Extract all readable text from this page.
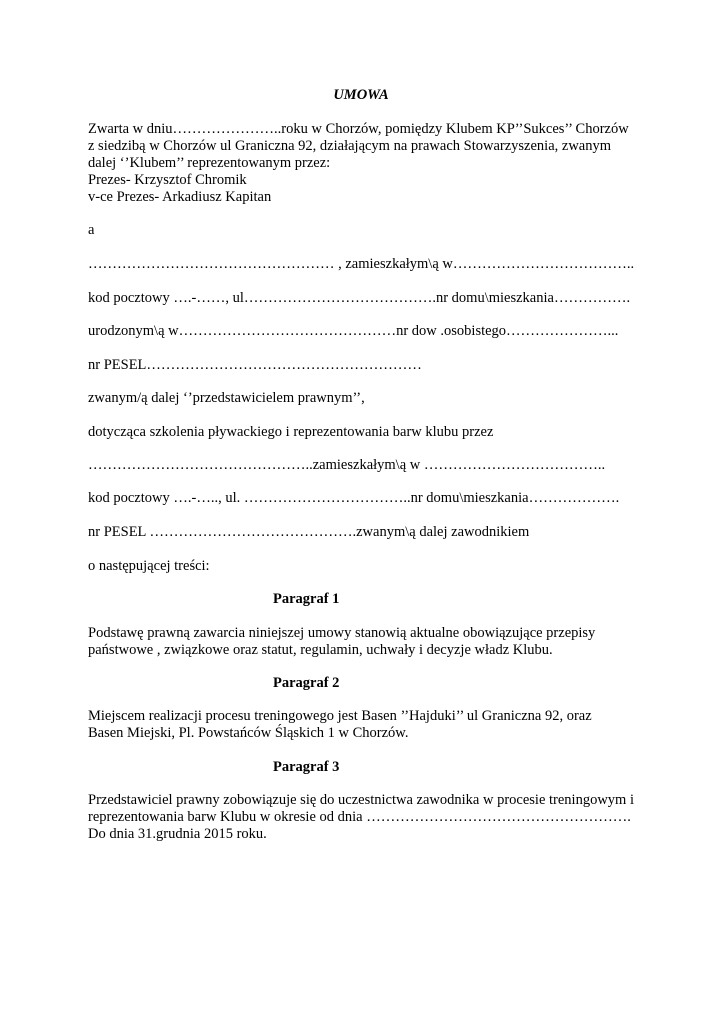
UMOWA
Zwarta w dniu…………………..roku w Chorzów, pomiędzy Klubem KP’’Sukces’’ Chorzów
z siedzibą w Chorzów ul Graniczna 92, działającym na prawach Stowarzyszenia, zwanym
dalej ‘’Klubem’’ reprezentowanym przez:
Prezes- Krzysztof Chromik
v-ce Prezes- Arkadiusz Kapitan
a
…………………………………………… , zamieszkałym\ą w………………………………..
kod pocztowy ….-……, ul………………………………….nr domu\mieszkania…………….
urodzonym\ą w………………………………………nr dow .osobistego…………………...
nr PESEL…………………………………………………
zwanym/ą dalej ‘’przedstawicielem prawnym’’,
dotycząca szkolenia pływackiego i reprezentowania barw klubu przez
………………………………………..zamieszkałym\ą w ………………………………..
kod pocztowy ….-….., ul. ……………………………..nr domu\mieszkania……………….
nr PESEL …………………………………….zwanym\ą dalej zawodnikiem
o następującej treści:
Paragraf 1
Podstawę prawną zawarcia niniejszej umowy stanowią aktualne obowiązujące przepisy
państwowe , związkowe oraz statut, regulamin, uchwały i decyzje władz Klubu.
Paragraf 2
Miejscem realizacji procesu treningowego jest Basen ’’Hajduki’’ ul Graniczna 92, oraz
Basen Miejski, Pl. Powstańców Śląskich 1 w Chorzów.
Paragraf 3
Przedstawiciel prawny zobowiązuje się do uczestnictwa zawodnika w procesie treningowym i
reprezentowania barw Klubu w okresie od dnia ……………………………………………….
Do dnia 31.grudnia 2015 roku.
